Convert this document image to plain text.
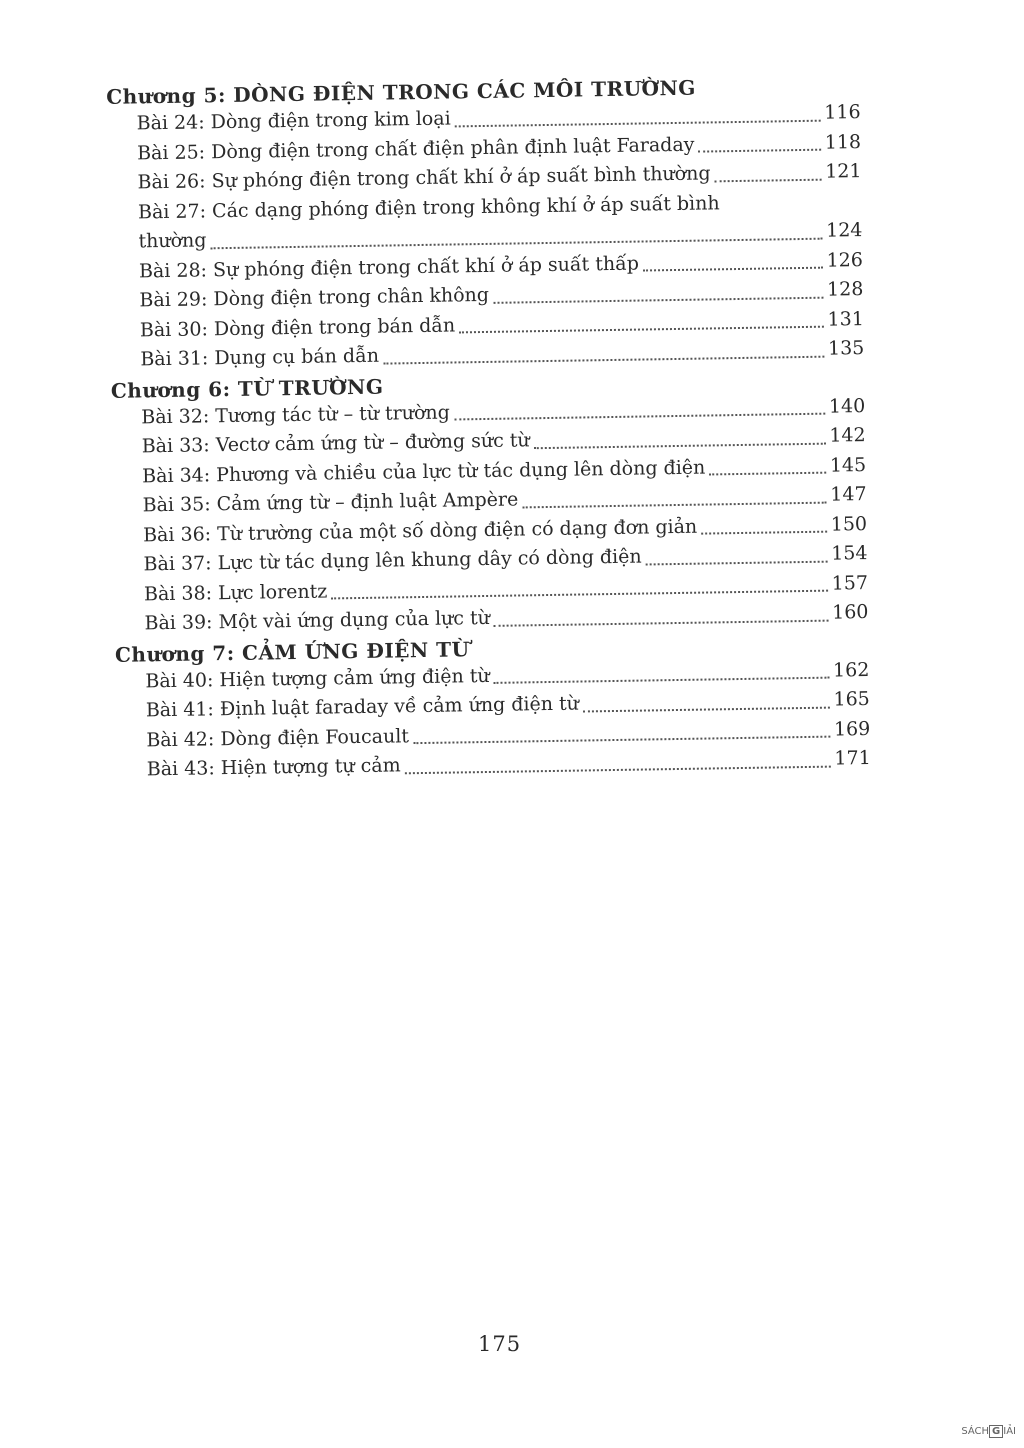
Chương 5: DÒNG ĐIỆN TRONG CÁC MÔI TRƯỜNG
Bài 24: Dòng điện trong kim loại	116
Bài 25: Dòng điện trong chất điện phân định luật Faraday	118
Bài 26: Sự phóng điện trong chất khí ở áp suất bình thường	121
Bài 27: Các dạng phóng điện trong không khí ở áp suất bình
thường	124
Bài 28: Sự phóng điện trong chất khí ở áp suất thấp	126
Bài 29: Dòng điện trong chân không	128
Bài 30: Dòng điện trong bán dẫn	131
Bài 31: Dụng cụ bán dẫn	135
Chương 6: TỪ TRƯỜNG
Bài 32: Tương tác từ – từ trường	140
Bài 33: Vectơ cảm ứng từ – đường sức từ	142
Bài 34: Phương và chiều của lực từ tác dụng lên dòng điện	145
Bài 35: Cảm ứng từ – định luật Ampère	147
Bài 36: Từ trường của một số dòng điện có dạng đơn giản	150
Bài 37: Lực từ tác dụng lên khung dây có dòng điện	154
Bài 38: Lực lorentz	157
Bài 39: Một vài ứng dụng của lực từ	160
Chương 7: CẢM ỨNG ĐIỆN TỪ
Bài 40: Hiện tượng cảm ứng điện từ	162
Bài 41: Định luật faraday về cảm ứng điện từ	165
Bài 42: Dòng điện Foucault	169
Bài 43: Hiện tượng tự cảm	171
175
SÁCH G IẢI
